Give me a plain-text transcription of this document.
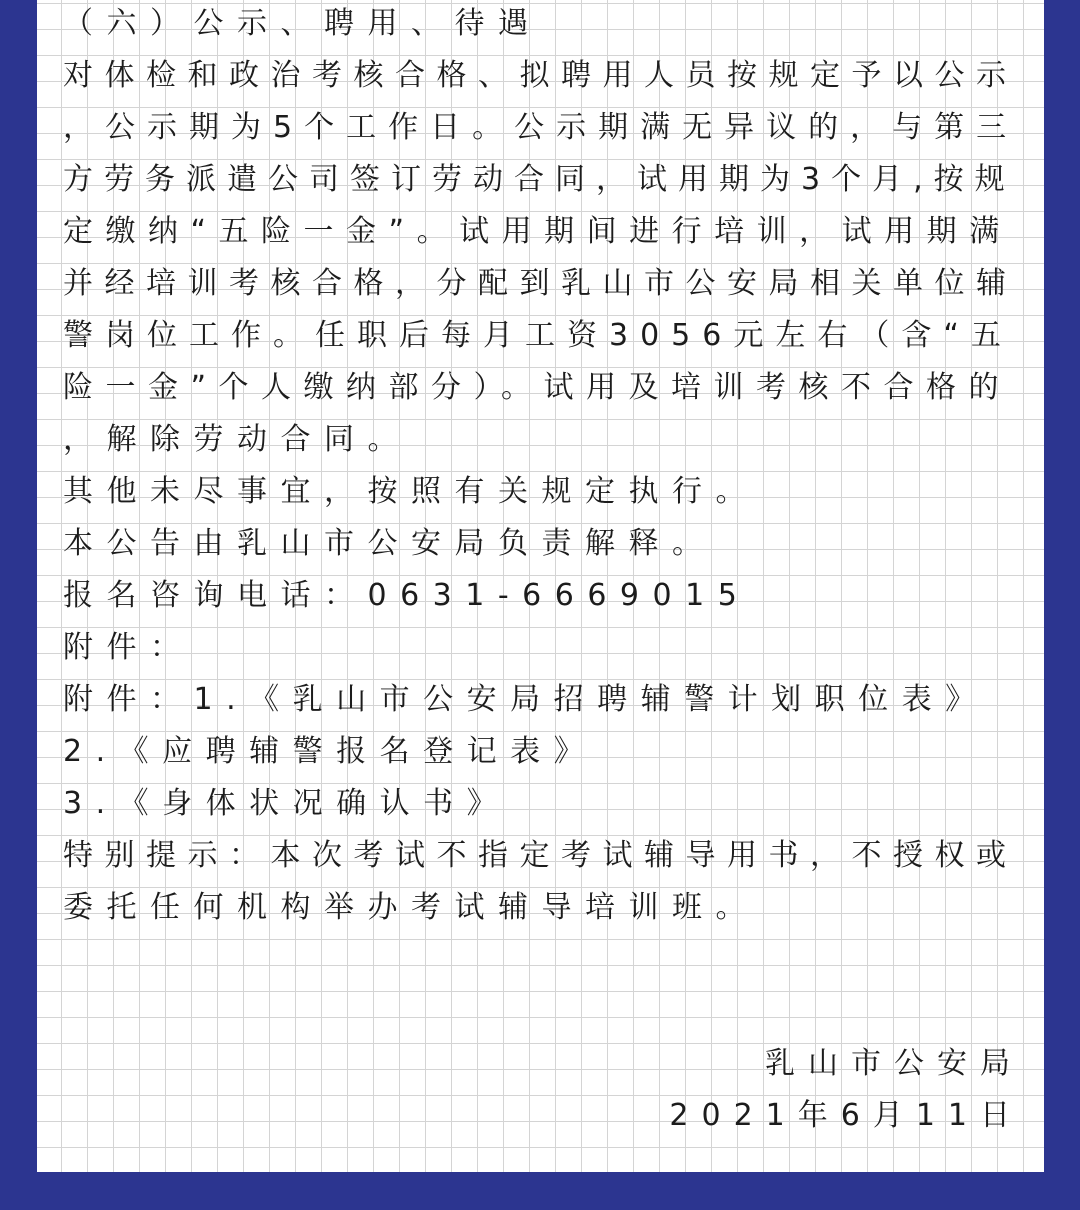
（六）公示、聘用、待遇
对体检和政治考核合格、拟聘用人员按规定予以公示
，公示期为5个工作日。公示期满无异议的，与第三
方劳务派遣公司签订劳动合同，试用期为3个月,按规
定缴纳“五险一金”。试用期间进行培训，试用期满
并经培训考核合格，分配到乳山市公安局相关单位辅
警岗位工作。任职后每月工资3056元左右（含“五
险一金”个人缴纳部分）。试用及培训考核不合格的
，解除劳动合同。
其他未尽事宜，按照有关规定执行。
本公告由乳山市公安局负责解释。
报名咨询电话：0631-6669015
附件：
附件：1.《乳山市公安局招聘辅警计划职位表》
2.《应聘辅警报名登记表》
3.《身体状况确认书》
特别提示：本次考试不指定考试辅导用书，不授权或
委托任何机构举办考试辅导培训班。
乳山市公安局
2021年6月11日
